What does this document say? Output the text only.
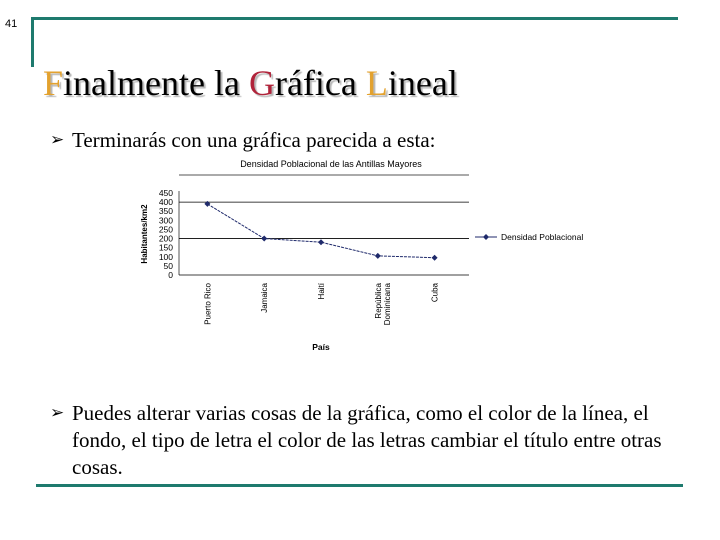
41
Finalmente la Gráfica Lineal
➢ Terminarás con una gráfica parecida a esta:
Densidad Poblacional de las Antillas Mayores
0
50
100
150
200
250
300
350
400
450
Habitantes/km2
Puerto Rico	Jamaica	Haití	RepúblicaDominicana	Cuba
País
Densidad Poblacional
➢ Puedes alterar varias cosas de la gráfica, como el color de la línea, el fondo, el tipo de letra el color de las letras cambiar el título entre otras cosas.
